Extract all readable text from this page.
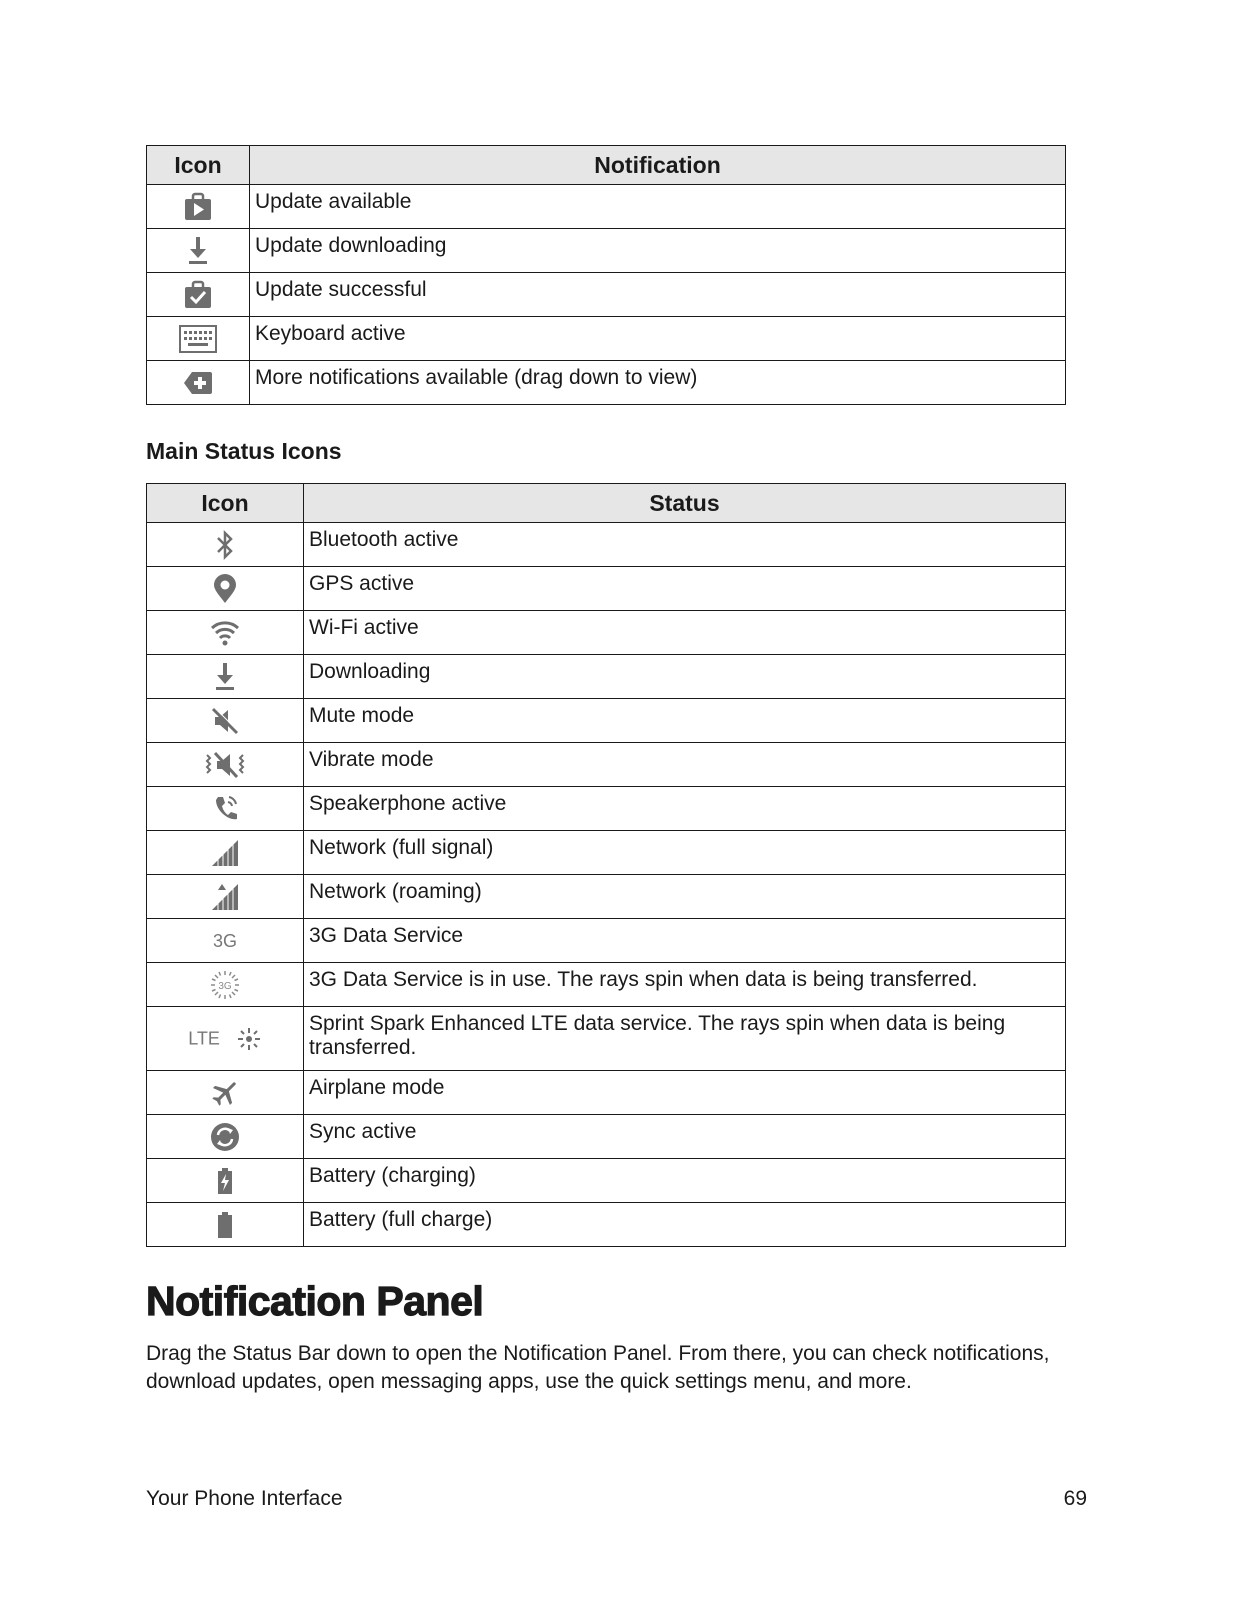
Icon	Notification

	Update available

	Update downloading

	Update successful

	Keyboard active

	More notifications available (drag down to view)
Main Status Icons
Icon	Status

	Bluetooth active

	GPS active

	Wi-Fi active

	Downloading

	Mute mode

	Vibrate mode

	Speakerphone active

	Network (full signal)

	Network (roaming)
3G	3G Data Service

3G	3G Data Service is in use. The rays spin when data is being transferred.
LTE	Sprint Spark Enhanced LTE data service. The rays spin when data is being transferred.

	Airplane mode

	Sync active

	Battery (charging)

	Battery (full charge)
Notification Panel

Drag the Status Bar down to open the Notification Panel. From there, you can check notifications, download updates, open messaging apps, use the quick settings menu, and more.

Your Phone Interface	69
